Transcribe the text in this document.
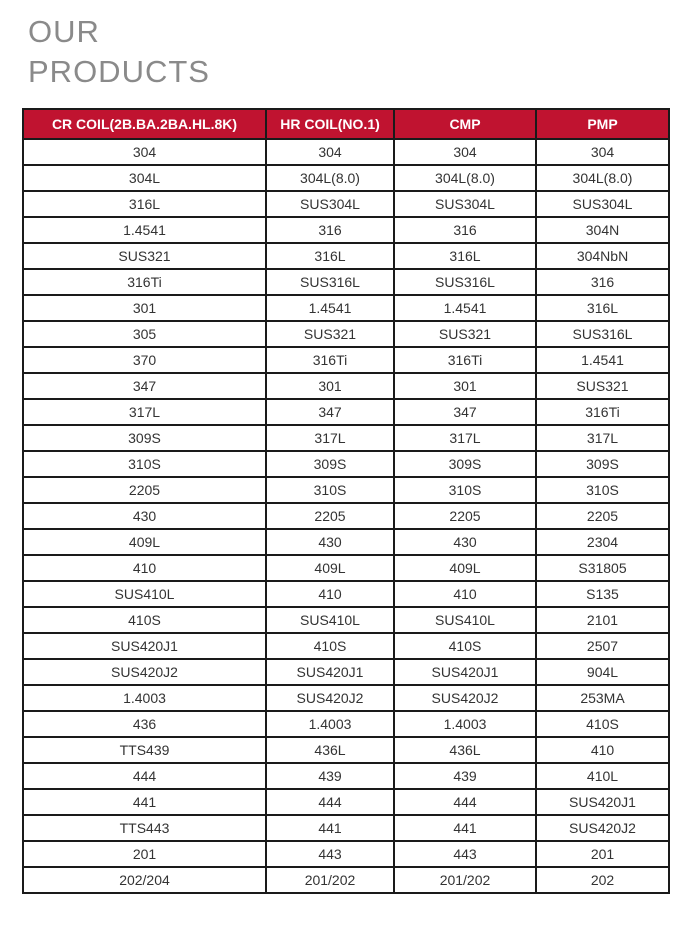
OUR
PRODUCTS
CR COIL(2B.BA.2BA.HL.8K)	HR COIL(NO.1)	CMP	PMP
304	304	304	304
304L	304L(8.0)	304L(8.0)	304L(8.0)
316L	SUS304L	SUS304L	SUS304L
1.4541	316	316	304N
SUS321	316L	316L	304NbN
316Ti	SUS316L	SUS316L	316
301	1.4541	1.4541	316L
305	SUS321	SUS321	SUS316L
370	316Ti	316Ti	1.4541
347	301	301	SUS321
317L	347	347	316Ti
309S	317L	317L	317L
310S	309S	309S	309S
2205	310S	310S	310S
430	2205	2205	2205
409L	430	430	2304
410	409L	409L	S31805
SUS410L	410	410	S135
410S	SUS410L	SUS410L	2101
SUS420J1	410S	410S	2507
SUS420J2	SUS420J1	SUS420J1	904L
1.4003	SUS420J2	SUS420J2	253MA
436	1.4003	1.4003	410S
TTS439	436L	436L	410
444	439	439	410L
441	444	444	SUS420J1
TTS443	441	441	SUS420J2
201	443	443	201
202/204	201/202	201/202	202
